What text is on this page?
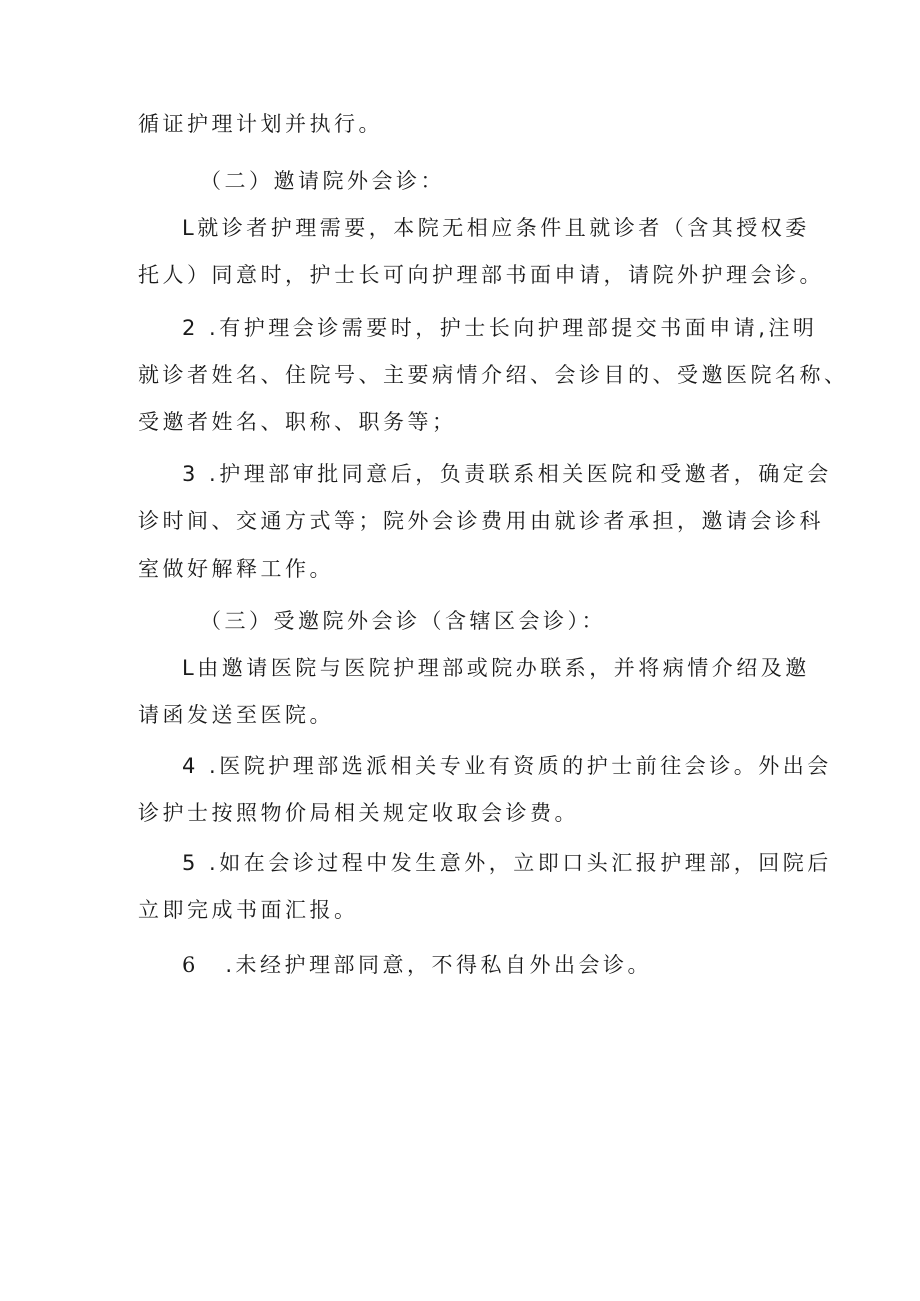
循证护理计划并执行。
（二）邀请院外会诊：
L就诊者护理需要，本院无相应条件且就诊者（含其授权委
托人）同意时，护士长可向护理部书面申请，请院外护理会诊。
2 .有护理会诊需要时，护士长向护理部提交书面申请,注明
就诊者姓名、住院号、主要病情介绍、会诊目的、受邀医院名称、
受邀者姓名、职称、职务等；
3 .护理部审批同意后，负责联系相关医院和受邀者，确定会
诊时间、交通方式等；院外会诊费用由就诊者承担，邀请会诊科
室做好解释工作。
（三）受邀院外会诊（含辖区会诊）：
L由邀请医院与医院护理部或院办联系，并将病情介绍及邀
请函发送至医院。
4 .医院护理部选派相关专业有资质的护士前往会诊。外出会
诊护士按照物价局相关规定收取会诊费。
5 .如在会诊过程中发生意外，立即口头汇报护理部，回院后
立即完成书面汇报。
6 .未经护理部同意，不得私自外出会诊。
